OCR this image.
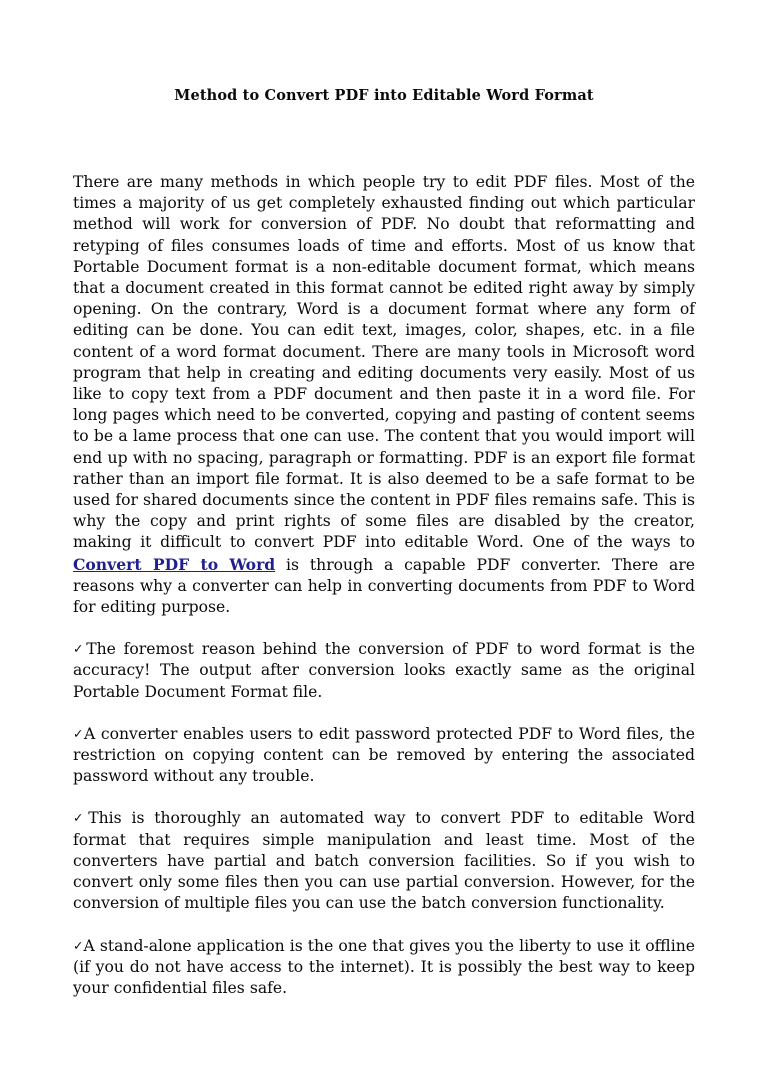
Method to Convert PDF into Editable Word Format

There are many methods in which people try to edit PDF files. Most of the times a majority of us get completely exhausted finding out which particular method will work for conversion of PDF. No doubt that reformatting and retyping of files consumes loads of time and efforts. Most of us know that Portable Document format is a non-editable document format, which means that a document created in this format cannot be edited right away by simply opening. On the contrary, Word is a document format where any form of editing can be done. You can edit text, images, color, shapes, etc. in a file content of a word format document. There are many tools in Microsoft word program that help in creating and editing documents very easily. Most of us like to copy text from a PDF document and then paste it in a word file. For long pages which need to be converted, copying and pasting of content seems to be a lame process that one can use. The content that you would import will end up with no spacing, paragraph or formatting. PDF is an export file format rather than an import file format. It is also deemed to be a safe format to be used for shared documents since the content in PDF files remains safe. This is why the copy and print rights of some files are disabled by the creator, making it difficult to convert PDF into editable Word. One of the ways to Convert PDF to Word is through a capable PDF converter. There are reasons why a converter can help in converting documents from PDF to Word for editing purpose.

✓The foremost reason behind the conversion of PDF to word format is the accuracy! The output after conversion looks exactly same as the original Portable Document Format file.

✓A converter enables users to edit password protected PDF to Word files, the restriction on copying content can be removed by entering the associated password without any trouble.

✓This is thoroughly an automated way to convert PDF to editable Word format that requires simple manipulation and least time. Most of the converters have partial and batch conversion facilities. So if you wish to convert only some files then you can use partial conversion. However, for the conversion of multiple files you can use the batch conversion functionality.

✓A stand-alone application is the one that gives you the liberty to use it offline (if you do not have access to the internet). It is possibly the best way to keep your confidential files safe.
